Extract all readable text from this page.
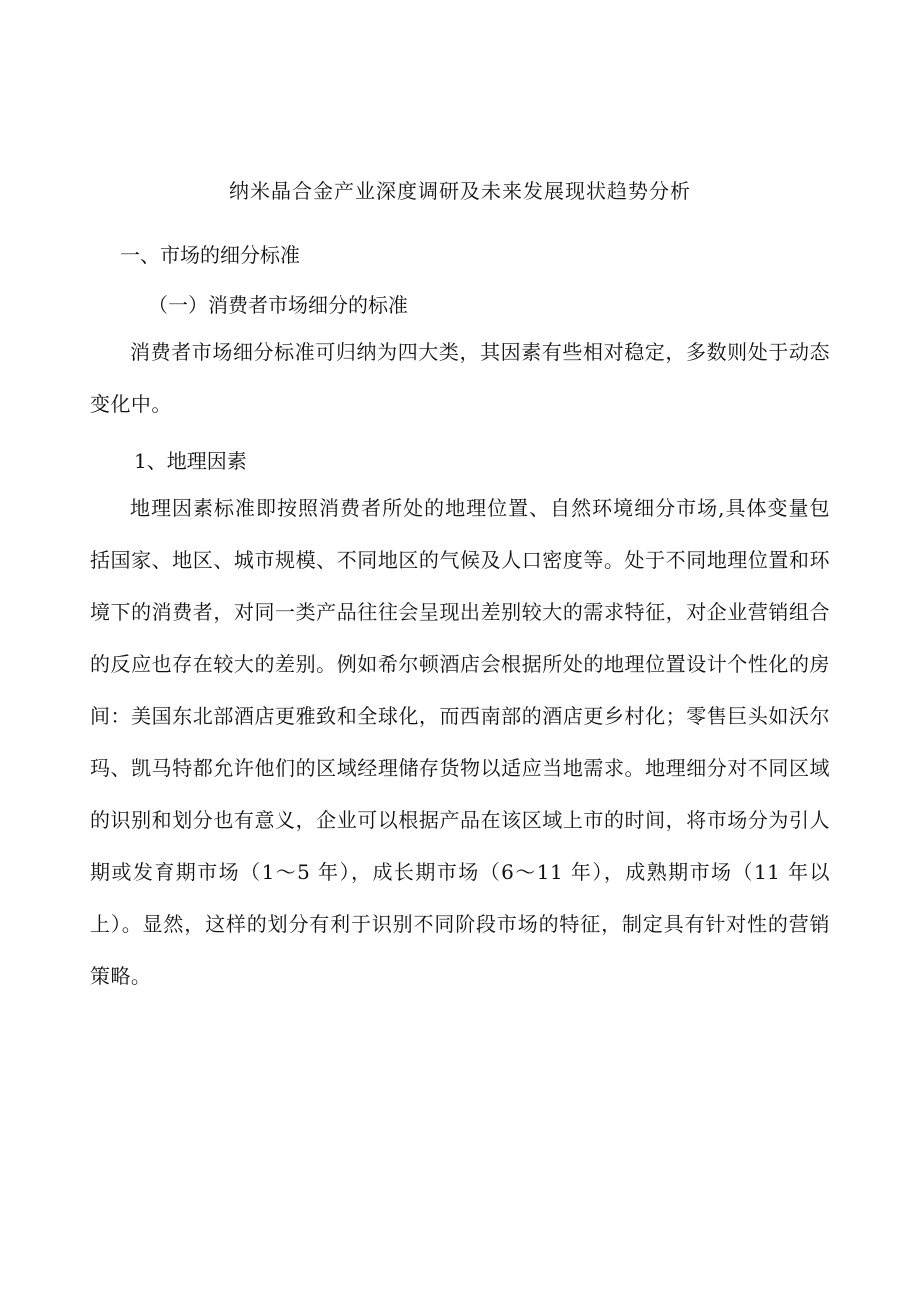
纳米晶合金产业深度调研及未来发展现状趋势分析
一、市场的细分标准
（一）消费者市场细分的标准

消费者市场细分标准可归纳为四大类，其因素有些相对稳定，多数则处于动态变化中。

1、地理因素

地理因素标准即按照消费者所处的地理位置、自然环境细分市场,具体变量包括国家、地区、城市规模、不同地区的气候及人口密度等。处于不同地理位置和环境下的消费者，对同一类产品往往会呈现出差别较大的需求特征，对企业营销组合的反应也存在较大的差别。例如希尔顿酒店会根据所处的地理位置设计个性化的房间：美国东北部酒店更雅致和全球化，而西南部的酒店更乡村化；零售巨头如沃尔玛、凯马特都允许他们的区域经理储存货物以适应当地需求。地理细分对不同区域的识别和划分也有意义，企业可以根据产品在该区域上市的时间，将市场分为引人期或发育期市场（1～5 年），成长期市场（6～11 年），成熟期市场（11 年以上）。显然，这样的划分有利于识别不同阶段市场的特征，制定具有针对性的营销策略。
